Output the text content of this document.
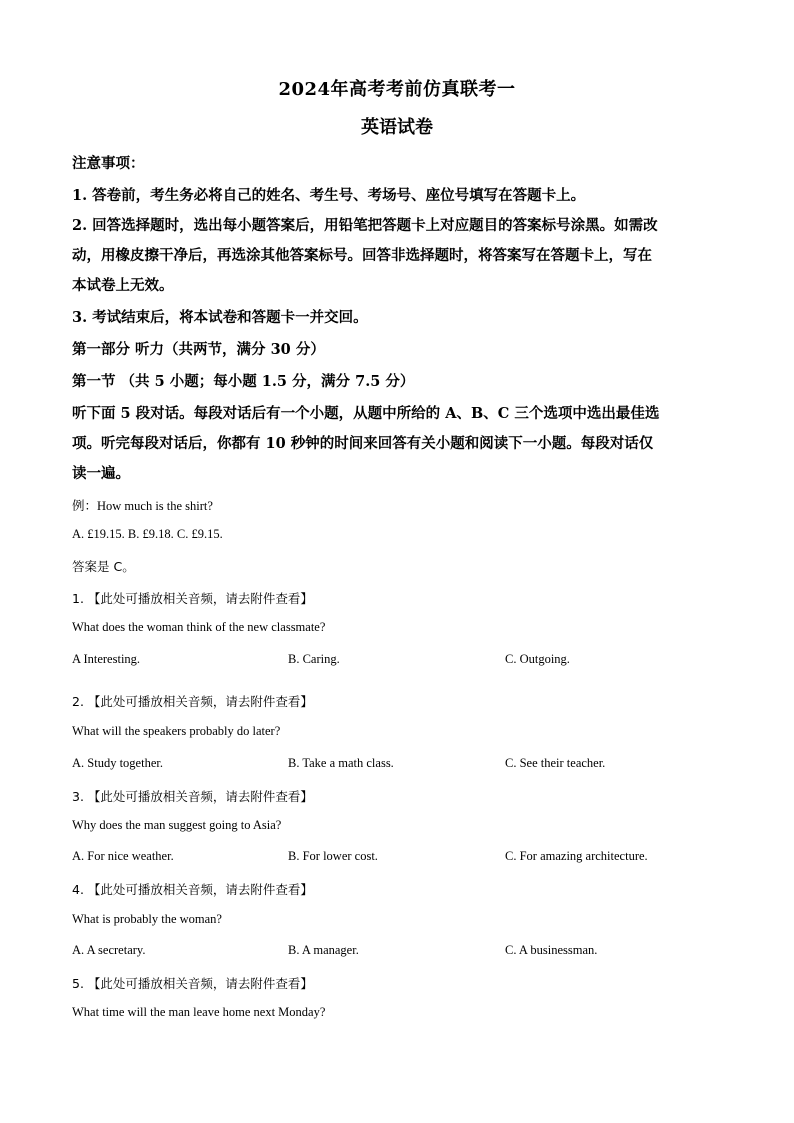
2024年高考考前仿真联考一
英语试卷
注意事项：
1. 答卷前，考生务必将自己的姓名、考生号、考场号、座位号填写在答题卡上。
2. 回答选择题时，选出每小题答案后，用铅笔把答题卡上对应题目的答案标号涂黑。如需改
动，用橡皮擦干净后，再选涂其他答案标号。回答非选择题时，将答案写在答题卡上，写在
本试卷上无效。
3. 考试结束后，将本试卷和答题卡一并交回。
第一部分 听力（共两节，满分 30 分）
第一节 （共 5 小题；每小题 1.5 分，满分 7.5 分）
听下面 5 段对话。每段对话后有一个小题，从题中所给的 A、B、C 三个选项中选出最佳选
项。听完每段对话后，你都有 10 秒钟的时间来回答有关小题和阅读下一小题。每段对话仅
读一遍。
例：How much is the shirt?
A. £19.15. B. £9.18. C. £9.15.
答案是 C。
1. 【此处可播放相关音频，请去附件查看】
What does the woman think of the new classmate?
A Interesting.	B. Caring.	C. Outgoing.
2. 【此处可播放相关音频，请去附件查看】
What will the speakers probably do later?
A. Study together.	B. Take a math class.	C. See their teacher.
3. 【此处可播放相关音频，请去附件查看】
Why does the man suggest going to Asia?
A. For nice weather.	B. For lower cost.	C. For amazing architecture.
4. 【此处可播放相关音频，请去附件查看】
What is probably the woman?
A. A secretary.	B. A manager.	C. A businessman.
5. 【此处可播放相关音频，请去附件查看】
What time will the man leave home next Monday?
